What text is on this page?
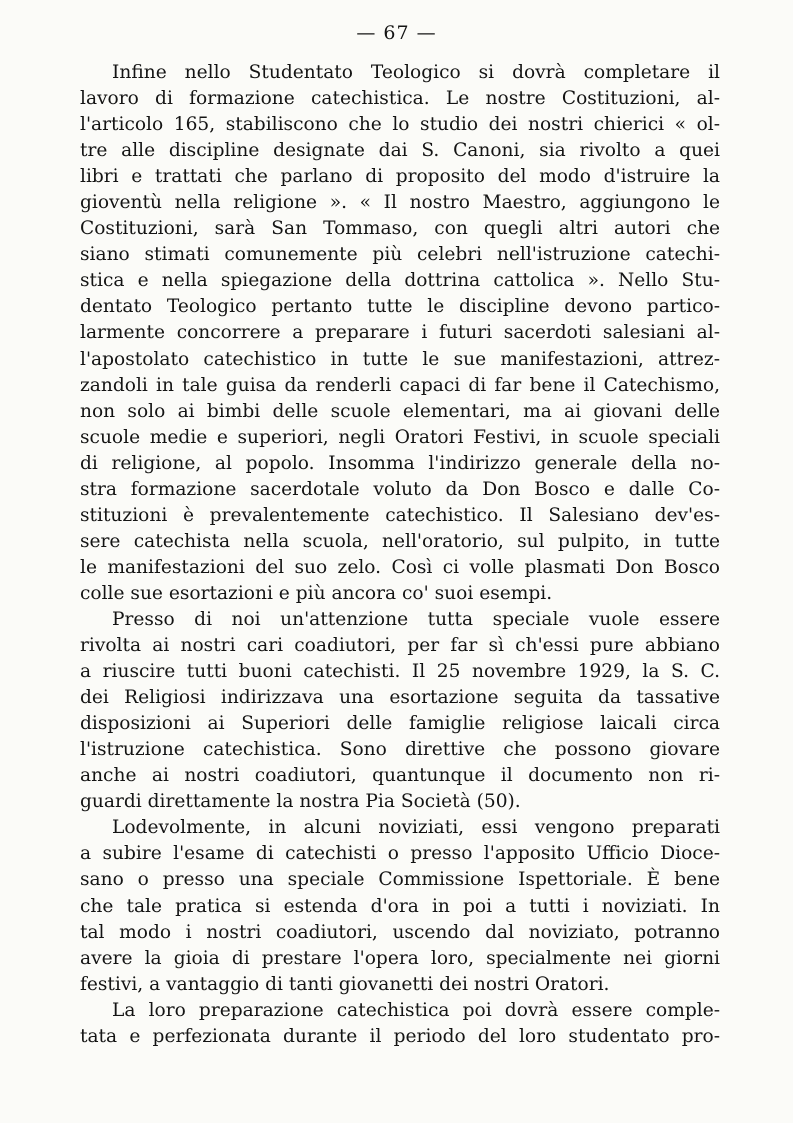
— 67 —
Infine nello Studentato Teologico si dovrà completare il
lavoro di formazione catechistica. Le nostre Costituzioni, al-
l'articolo 165, stabiliscono che lo studio dei nostri chierici « ol-
tre alle discipline designate dai S. Canoni, sia rivolto a quei
libri e trattati che parlano di proposito del modo d'istruire la
gioventù nella religione ». « Il nostro Maestro, aggiungono le
Costituzioni, sarà San Tommaso, con quegli altri autori che
siano stimati comunemente più celebri nell'istruzione catechi-
stica e nella spiegazione della dottrina cattolica ». Nello Stu-
dentato Teologico pertanto tutte le discipline devono partico-
larmente concorrere a preparare i futuri sacerdoti salesiani al-
l'apostolato catechistico in tutte le sue manifestazioni, attrez-
zandoli in tale guisa da renderli capaci di far bene il Catechismo,
non solo ai bimbi delle scuole elementari, ma ai giovani delle
scuole medie e superiori, negli Oratori Festivi, in scuole speciali
di religione, al popolo. Insomma l'indirizzo generale della no-
stra formazione sacerdotale voluto da Don Bosco e dalle Co-
stituzioni è prevalentemente catechistico. Il Salesiano dev'es-
sere catechista nella scuola, nell'oratorio, sul pulpito, in tutte
le manifestazioni del suo zelo. Così ci volle plasmati Don Bosco
colle sue esortazioni e più ancora co' suoi esempi.
Presso di noi un'attenzione tutta speciale vuole essere
rivolta ai nostri cari coadiutori, per far sì ch'essi pure abbiano
a riuscire tutti buoni catechisti. Il 25 novembre 1929, la S. C.
dei Religiosi indirizzava una esortazione seguita da tassative
disposizioni ai Superiori delle famiglie religiose laicali circa
l'istruzione catechistica. Sono direttive che possono giovare
anche ai nostri coadiutori, quantunque il documento non ri-
guardi direttamente la nostra Pia Società (50).
Lodevolmente, in alcuni noviziati, essi vengono preparati
a subire l'esame di catechisti o presso l'apposito Ufficio Dioce-
sano o presso una speciale Commissione Ispettoriale. È bene
che tale pratica si estenda d'ora in poi a tutti i noviziati. In
tal modo i nostri coadiutori, uscendo dal noviziato, potranno
avere la gioia di prestare l'opera loro, specialmente nei giorni
festivi, a vantaggio di tanti giovanetti dei nostri Oratori.
La loro preparazione catechistica poi dovrà essere comple-
tata e perfezionata durante il periodo del loro studentato pro-
